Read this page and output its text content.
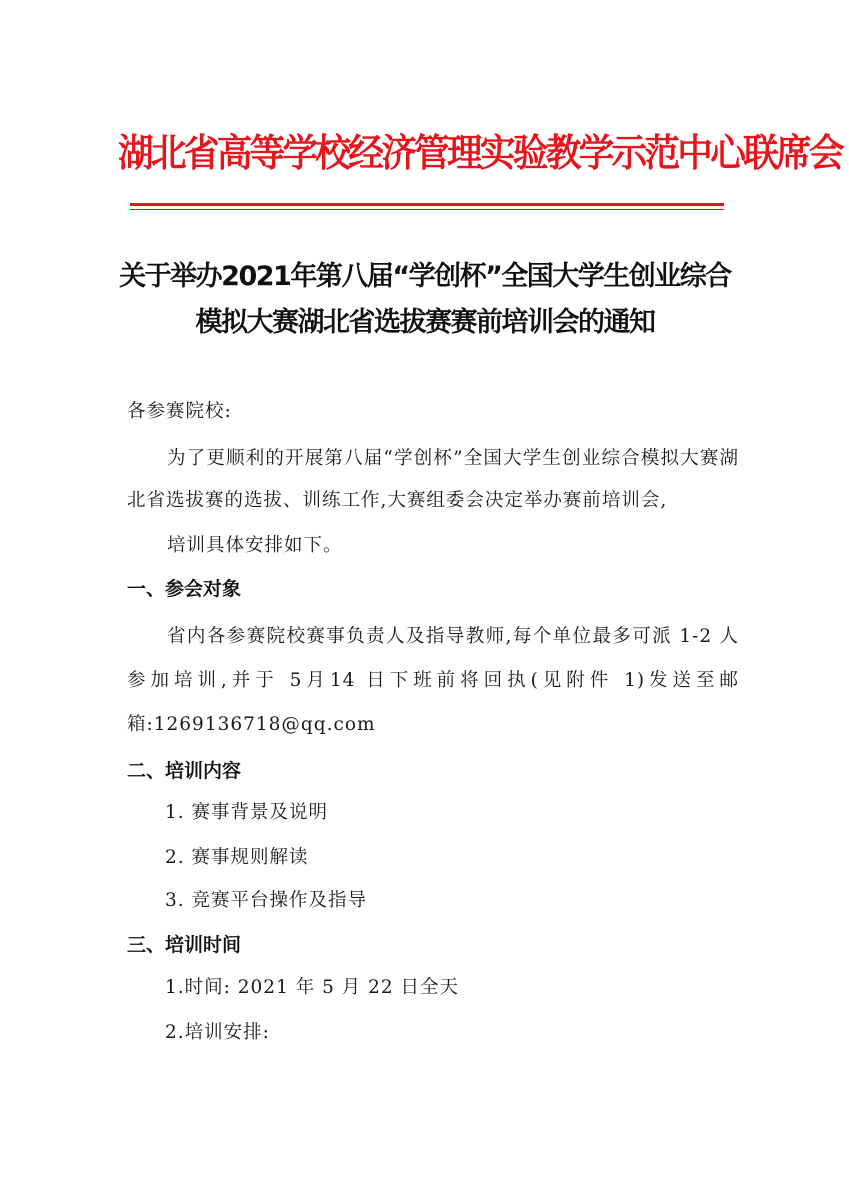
湖北省高等学校经济管理实验教学示范中心联席会
关于举办2021年第八届“学创杯”全国大学生创业综合模拟大赛湖北省选拔赛赛前培训会的通知
各参赛院校:
为了更顺利的开展第八届“学创杯”全国大学生创业综合模拟大赛湖北省选拔赛的选拔、训练工作,大赛组委会决定举办赛前培训会,
培训具体安排如下。
一、参会对象
省内各参赛院校赛事负责人及指导教师,每个单位最多可派 1-2 人参加培训,并于 5月14 日下班前将回执(见附件 1)发送至邮箱:1269136718@qq.com
二、培训内容
1. 赛事背景及说明
2. 赛事规则解读
3. 竞赛平台操作及指导
三、培训时间
1.时间: 2021 年 5 月 22 日全天
2.培训安排:
